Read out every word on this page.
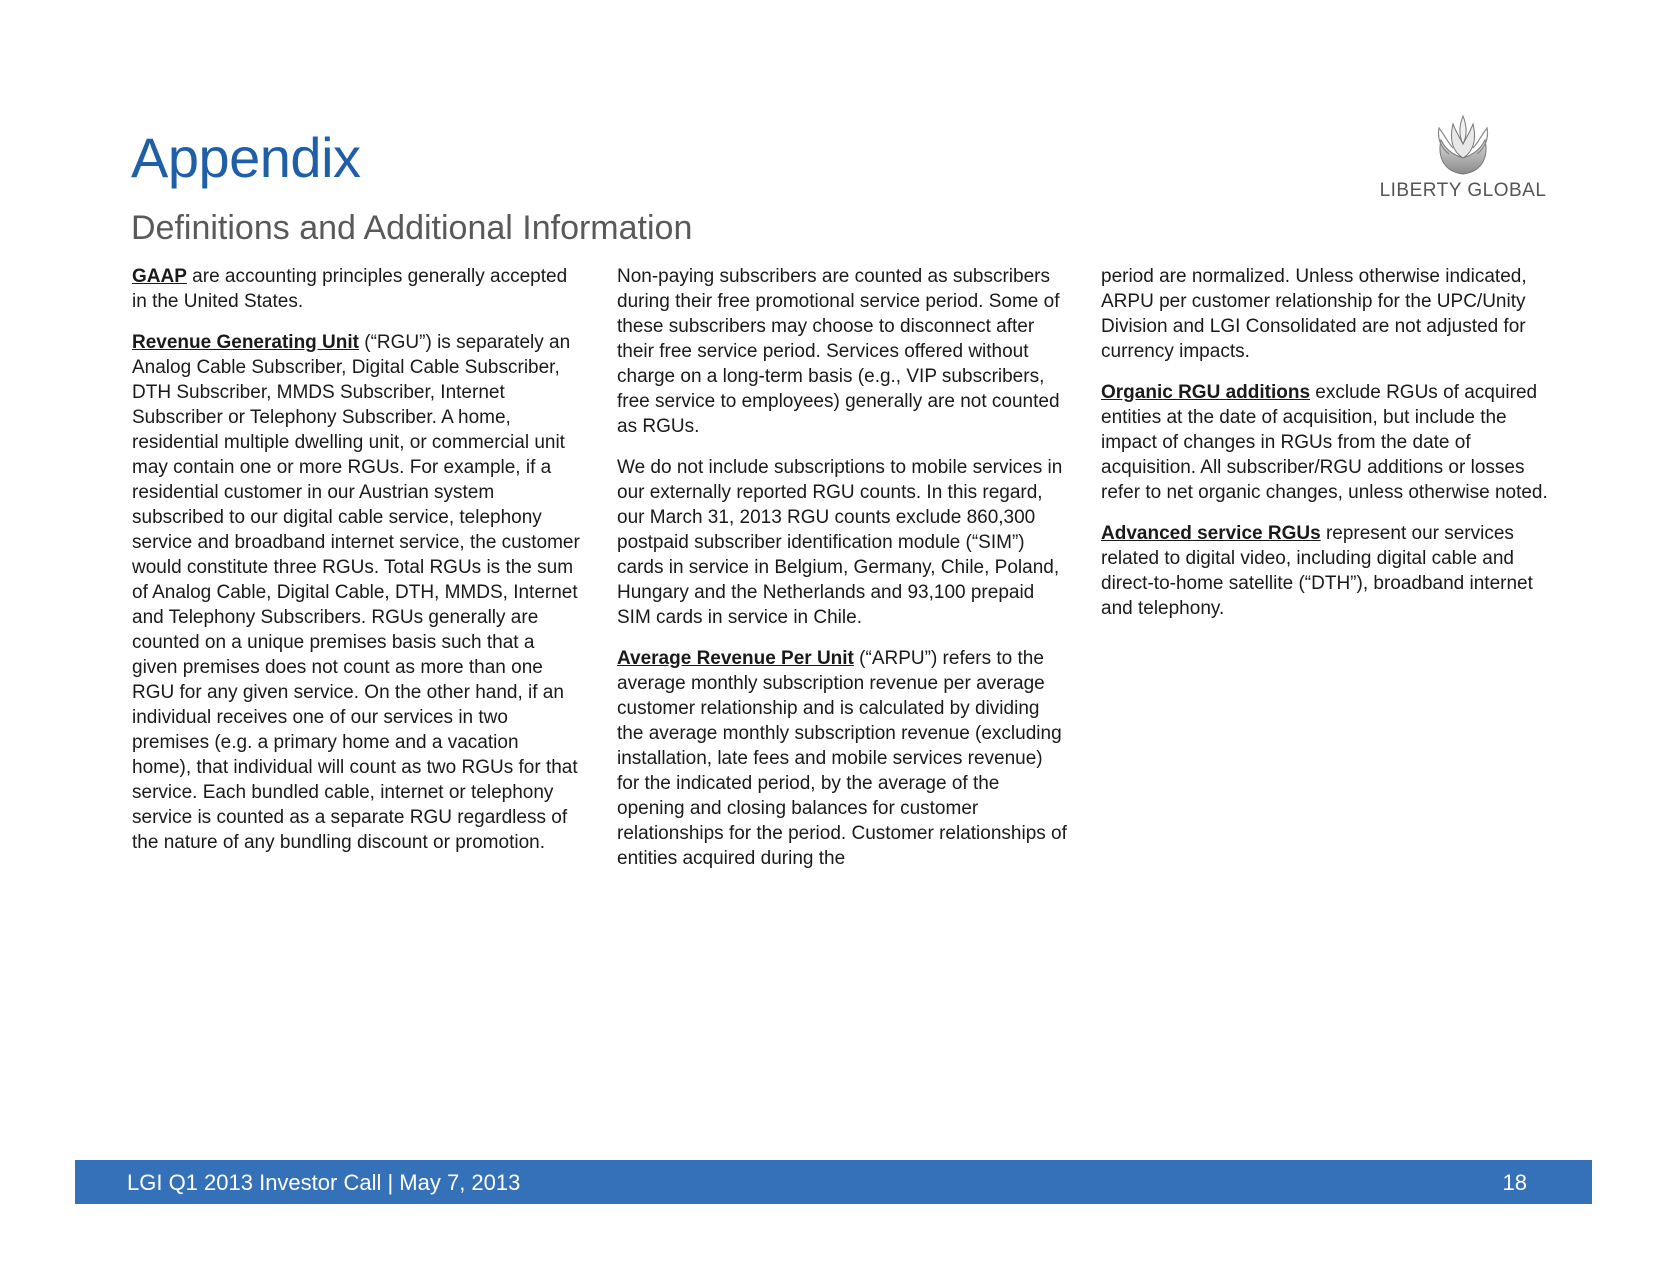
Appendix
Definitions and Additional Information
LIBERTY GLOBAL

GAAP are accounting principles generally accepted in the United States.

Revenue Generating Unit (“RGU”) is separately an Analog Cable Subscriber, Digital Cable Subscriber, DTH Subscriber, MMDS Subscriber, Internet Subscriber or Telephony Subscriber. A home, residential multiple dwelling unit, or commercial unit may contain one or more RGUs. For example, if a residential customer in our Austrian system subscribed to our digital cable service, telephony service and broadband internet service, the customer would constitute three RGUs. Total RGUs is the sum of Analog Cable, Digital Cable, DTH, MMDS, Internet and Telephony Subscribers. RGUs generally are counted on a unique premises basis such that a given premises does not count as more than one RGU for any given service. On the other hand, if an individual receives one of our services in two premises (e.g. a primary home and a vacation home), that individual will count as two RGUs for that service. Each bundled cable, internet or telephony service is counted as a separate RGU regardless of the nature of any bundling discount or promotion.

Non-paying subscribers are counted as subscribers during their free promotional service period. Some of these subscribers may choose to disconnect after their free service period. Services offered without charge on a long-term basis (e.g., VIP subscribers, free service to employees) generally are not counted as RGUs.

We do not include subscriptions to mobile services in our externally reported RGU counts. In this regard, our March 31, 2013 RGU counts exclude 860,300 postpaid subscriber identification module (“SIM”) cards in service in Belgium, Germany, Chile, Poland, Hungary and the Netherlands and 93,100 prepaid SIM cards in service in Chile.

Average Revenue Per Unit (“ARPU”) refers to the average monthly subscription revenue per average customer relationship and is calculated by dividing the average monthly subscription revenue (excluding installation, late fees and mobile services revenue) for the indicated period, by the average of the opening and closing balances for customer relationships for the period. Customer relationships of entities acquired during the

period are normalized. Unless otherwise indicated, ARPU per customer relationship for the UPC/Unity Division and LGI Consolidated are not adjusted for currency impacts.

Organic RGU additions exclude RGUs of acquired entities at the date of acquisition, but include the impact of changes in RGUs from the date of acquisition. All subscriber/RGU additions or losses refer to net organic changes, unless otherwise noted.

Advanced service RGUs represent our services related to digital video, including digital cable and direct-to-home satellite (“DTH”), broadband internet and telephony.

LGI Q1 2013 Investor Call | May 7, 2013	18
